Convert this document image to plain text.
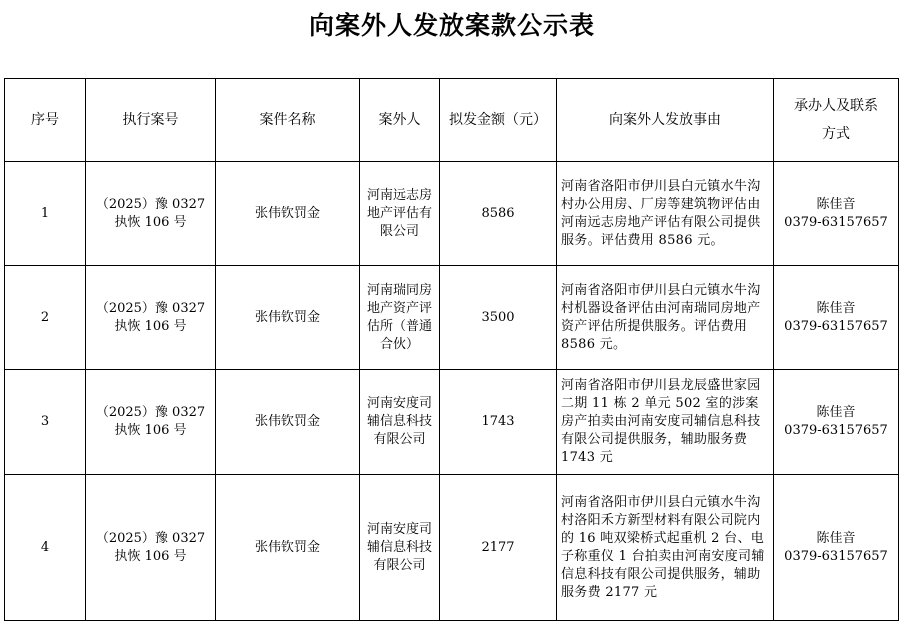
向案外人发放案款公示表
序号	执行案号	案件名称	案外人	拟发金额（元）	向案外人发放事由	承办人及联系
方式

1	（2025）豫 0327
执恢 106 号	张伟钦罚金	河南远志房地产评估有限公司	8586	河南省洛阳市伊川县白元镇水牛沟村办公用房、厂房等建筑物评估由河南远志房地产评估有限公司提供服务。评估费用 8586 元。	陈佳音
0379-63157657

2	（2025）豫 0327
执恢 106 号	张伟钦罚金	河南瑞同房地产资产评估所（普通合伙）	3500	河南省洛阳市伊川县白元镇水牛沟村机器设备评估由河南瑞同房地产资产评估所提供服务。评估费用 8586 元。	陈佳音
0379-63157657

3	（2025）豫 0327
执恢 106 号	张伟钦罚金	河南安度司辅信息科技有限公司	1743	河南省洛阳市伊川县龙辰盛世家园二期 11 栋 2 单元 502 室的涉案房产拍卖由河南安度司辅信息科技有限公司提供服务，辅助服务费 1743 元	陈佳音
0379-63157657

4	（2025）豫 0327
执恢 106 号	张伟钦罚金	河南安度司辅信息科技有限公司	2177	河南省洛阳市伊川县白元镇水牛沟村洛阳禾方新型材料有限公司院内的 16 吨双梁桥式起重机 2 台、电子称重仪 1 台拍卖由河南安度司辅信息科技有限公司提供服务，辅助服务费 2177 元	陈佳音
0379-63157657
